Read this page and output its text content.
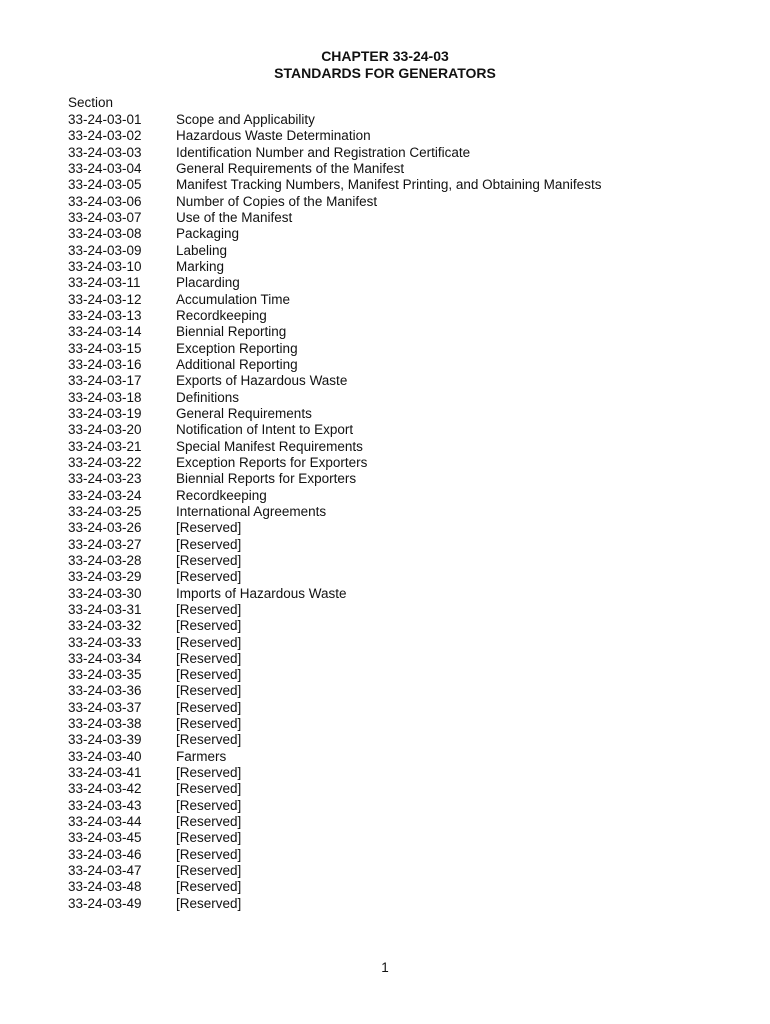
CHAPTER 33-24-03
STANDARDS FOR GENERATORS
Section
33-24-03-01	Scope and Applicability
33-24-03-02	Hazardous Waste Determination
33-24-03-03	Identification Number and Registration Certificate
33-24-03-04	General Requirements of the Manifest
33-24-03-05	Manifest Tracking Numbers, Manifest Printing, and Obtaining Manifests
33-24-03-06	Number of Copies of the Manifest
33-24-03-07	Use of the Manifest
33-24-03-08	Packaging
33-24-03-09	Labeling
33-24-03-10	Marking
33-24-03-11	Placarding
33-24-03-12	Accumulation Time
33-24-03-13	Recordkeeping
33-24-03-14	Biennial Reporting
33-24-03-15	Exception Reporting
33-24-03-16	Additional Reporting
33-24-03-17	Exports of Hazardous Waste
33-24-03-18	Definitions
33-24-03-19	General Requirements
33-24-03-20	Notification of Intent to Export
33-24-03-21	Special Manifest Requirements
33-24-03-22	Exception Reports for Exporters
33-24-03-23	Biennial Reports for Exporters
33-24-03-24	Recordkeeping
33-24-03-25	International Agreements
33-24-03-26	[Reserved]
33-24-03-27	[Reserved]
33-24-03-28	[Reserved]
33-24-03-29	[Reserved]
33-24-03-30	Imports of Hazardous Waste
33-24-03-31	[Reserved]
33-24-03-32	[Reserved]
33-24-03-33	[Reserved]
33-24-03-34	[Reserved]
33-24-03-35	[Reserved]
33-24-03-36	[Reserved]
33-24-03-37	[Reserved]
33-24-03-38	[Reserved]
33-24-03-39	[Reserved]
33-24-03-40	Farmers
33-24-03-41	[Reserved]
33-24-03-42	[Reserved]
33-24-03-43	[Reserved]
33-24-03-44	[Reserved]
33-24-03-45	[Reserved]
33-24-03-46	[Reserved]
33-24-03-47	[Reserved]
33-24-03-48	[Reserved]
33-24-03-49	[Reserved]
1
